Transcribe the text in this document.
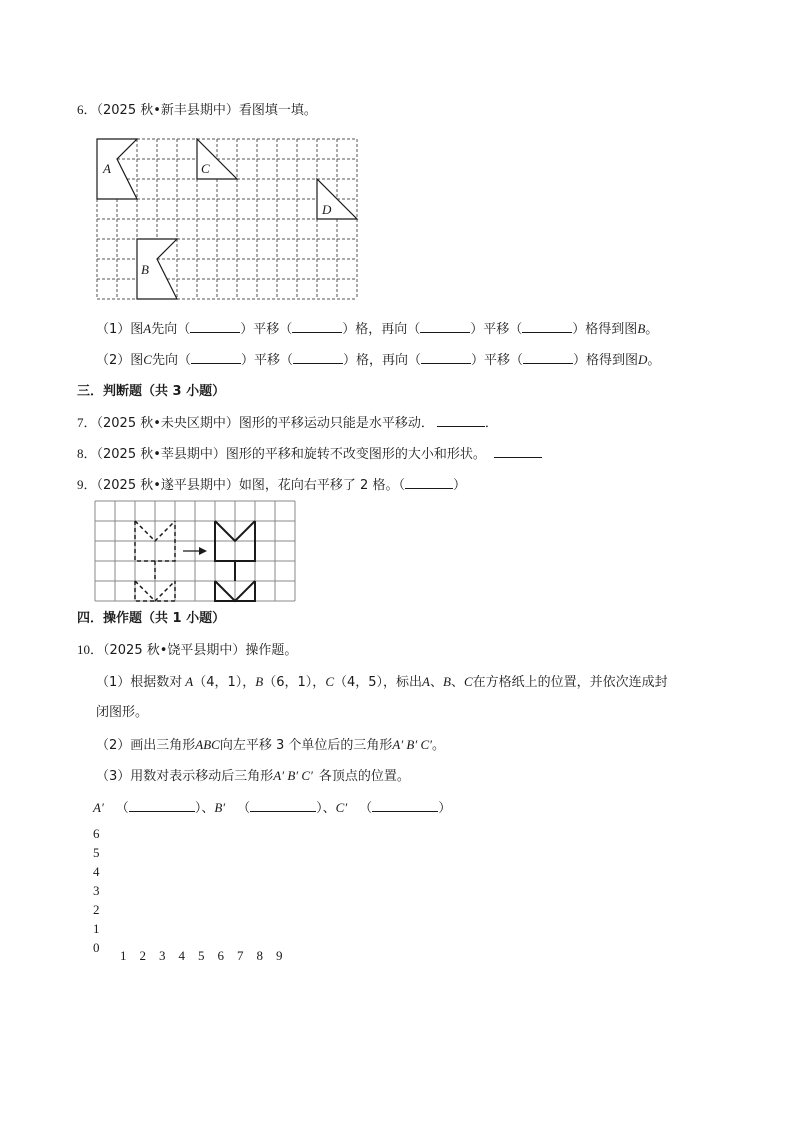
6．（2025 秋•新丰县期中）看图填一填。
A	C
D
B
（1）图A先向（	）平移（	）格，再向（	）平移（	）格得到图B。
（2）图C先向（	）平移（	）格，再向（	）平移（	）格得到图D。
三．判断题（共 3 小题）
7．（2025 秋•未央区期中）图形的平移运动只能是水平移动．	．
8．（2025 秋•莘县期中）图形的平移和旋转不改变图形的大小和形状。
9．（2025 秋•遂平县期中）如图，花向右平移了 2 格。（	）
四．操作题（共 1 小题）
10．（2025 秋•饶平县期中）操作题。
（1）根据数对 A（4，1），B（6，1），C（4，5），标出A、B、C在方格纸上的位置，并依次连成封
闭图形。
（2）画出三角形ABC向左平移 3 个单位后的三角形A′ B′ C′。
（3）用数对表示移动后三角形A′ B′ C′ 各顶点的位置。
A′ （	）、B′ （	）、C′ （	）
6
5
4
3
2
1
0
1 2 3 4 5 6 7 8 9
